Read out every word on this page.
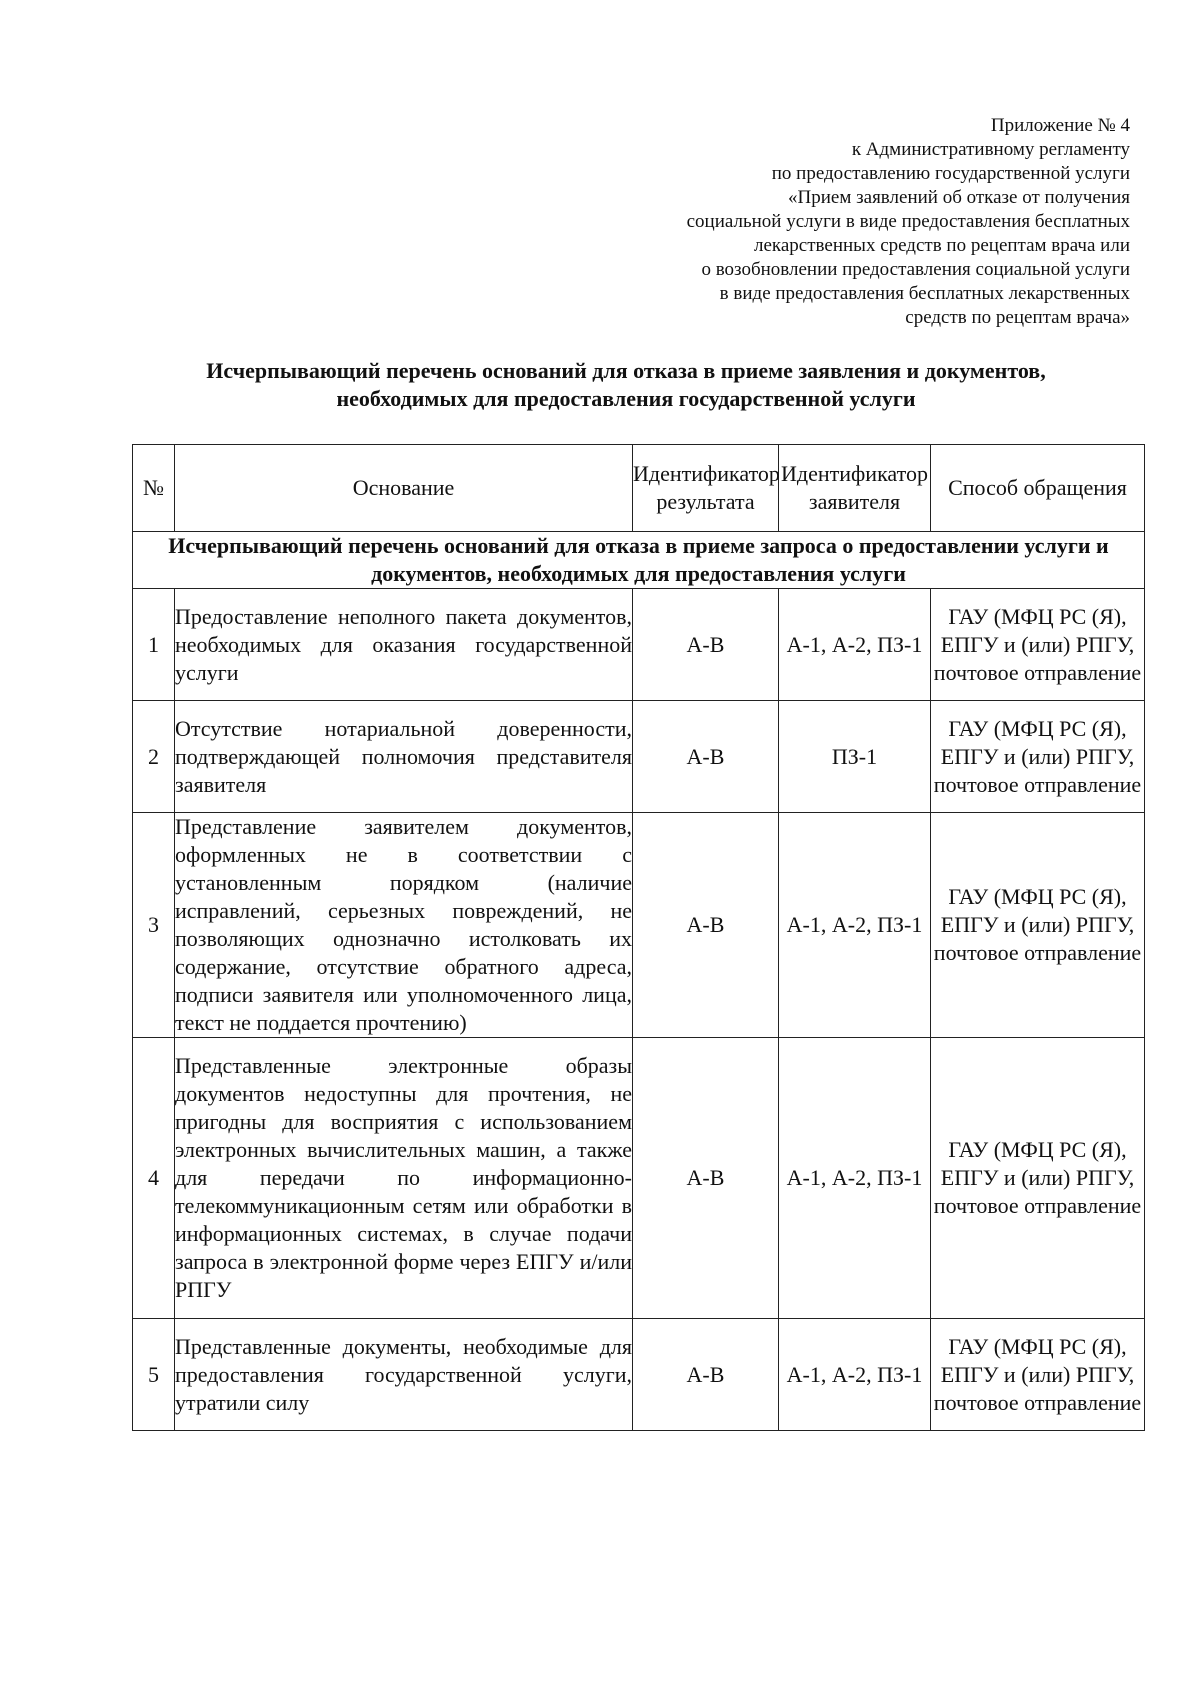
Приложение № 4
к Административному регламенту
по предоставлению государственной услуги
«Прием заявлений об отказе от получения
социальной услуги в виде предоставления бесплатных
лекарственных средств по рецептам врача или
о возобновлении предоставления социальной услуги
в виде предоставления бесплатных лекарственных
средств по рецептам врача»
Исчерпывающий перечень оснований для отказа в приеме заявления и документов,
необходимых для предоставления государственной услуги
№	Основание	Идентификатор результата	Идентификатор заявителя	Способ обращения
Исчерпывающий перечень оснований для отказа в приеме запроса о предоставлении услуги и документов, необходимых для предоставления услуги				
1	Предоставление неполного пакета документов, необходимых для оказания государственной услуги	А-В	А-1, А-2, ПЗ-1	ГАУ (МФЦ РС (Я), ЕПГУ и (или) РПГУ, почтовое отправление
2	Отсутствие нотариальной доверенности, подтверждающей полномочия представителя заявителя	А-В	ПЗ-1	ГАУ (МФЦ РС (Я), ЕПГУ и (или) РПГУ, почтовое отправление
3	Представление заявителем документов, оформленных не в соответствии с установленным порядком (наличие исправлений, серьезных повреждений, не позволяющих однозначно истолковать их содержание, отсутствие обратного адреса, подписи заявителя или уполномоченного лица, текст не поддается прочтению)	А-В	А-1, А-2, ПЗ-1	ГАУ (МФЦ РС (Я), ЕПГУ и (или) РПГУ, почтовое отправление
4	Представленные электронные образы документов недоступны для прочтения, не пригодны для восприятия с использованием электронных вычислительных машин, а также для передачи по информационно-телекоммуникационным сетям или обработки в информационных системах, в случае подачи запроса в электронной форме через ЕПГУ и/или РПГУ	А-В	А-1, А-2, ПЗ-1	ГАУ (МФЦ РС (Я), ЕПГУ и (или) РПГУ, почтовое отправление
5	Представленные документы, необходимые для предоставления государственной услуги, утратили силу	А-В	А-1, А-2, ПЗ-1	ГАУ (МФЦ РС (Я), ЕПГУ и (или) РПГУ, почтовое отправление
